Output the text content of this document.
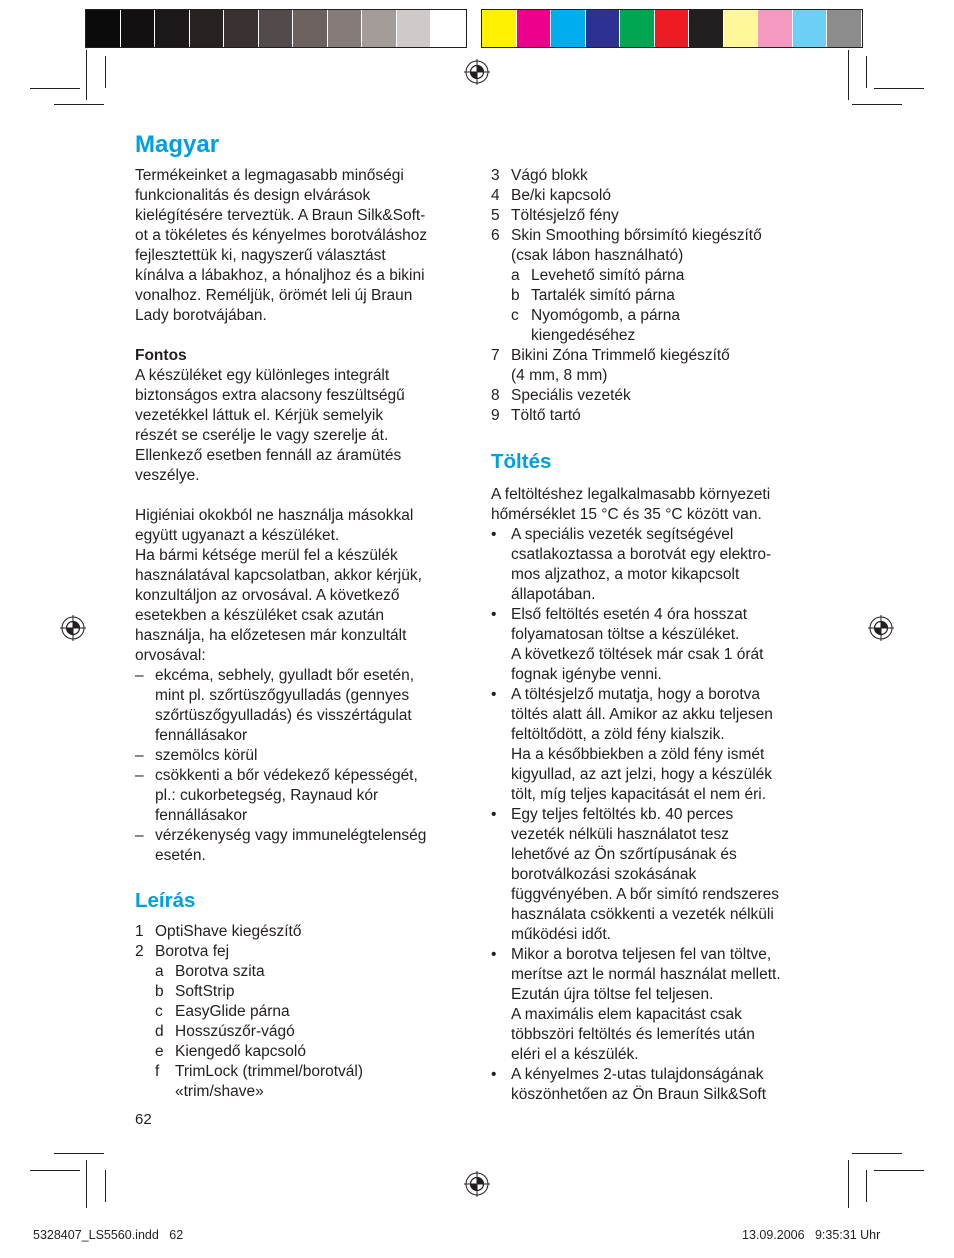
Magyar

Termékeinket a legmagasabb minőségi

funkcionalitás és design elvárások

kielégítésére terveztük. A Braun Silk&Soft-

ot a tökéletes és kényelmes borotváláshoz

fejlesztettük ki, nagyszerű választást

kínálva a lábakhoz, a hónaljhoz és a bikini

vonalhoz. Reméljük, örömét leli új Braun

Lady borotvájában.

Fontos

A készüléket egy különleges integrált

biztonságos extra alacsony feszültségű

vezetékkel láttuk el. Kérjük semelyik

részét se cserélje le vagy szerelje át.

Ellenkező esetben fennáll az áramütés

veszélye.

Higiéniai okokból ne használja másokkal

együtt ugyanazt a készüléket.

Ha bármi kétsége merül fel a készülék

használatával kapcsolatban, akkor kérjük,

konzultáljon az orvosával. A következő

esetekben a készüléket csak azután

használja, ha előzetesen már konzultált

orvosával:

– ekcéma, sebhely, gyulladt bőr esetén,

mint pl. szőrtüszőgyulladás (gennyes

szőrtüszőgyulladás) és visszértágulat

fennállásakor

– szemölcs körül

– csökkenti a bőr védekező képességét,

pl.: cukorbetegség, Raynaud kór

fennállásakor

– vérzékenység vagy immunelégtelenség

esetén.

Leírás
1 OptiShave kiegészítő

2 Borotva fej

a Borotva szita

b SoftStrip

c EasyGlide párna

d Hosszúszőr-vágó

e Kiengedő kapcsoló

f	TrimLock (trimmel/borotvál)

«trim/shave»

62
3 Vágó blokk

4 Be/ki kapcsoló

5 Töltésjelző fény

6 Skin Smoothing bőrsimító kiegészítő

(csak lábon használható)

a Levehető simító párna

b Tartalék simító párna

c Nyomógomb, a párna

kiengedéséhez

7 Bikini Zóna Trimmelő kiegészítő

(4 mm, 8 mm)

8 Speciális vezeték

9 Töltő tartó

Töltés

A feltöltéshez legalkalmasabb környezeti

hőmérséklet 15 °C és 35 °C között van.

• A speciális vezeték segítségével

csatlakoztassa a borotvát egy elektro-

mos aljzathoz, a motor kikapcsolt

állapotában.

• Első feltöltés esetén 4 óra hosszat

folyamatosan töltse a készüléket.

A következő töltések már csak 1 órát

fognak igénybe venni.

• A töltésjelző mutatja, hogy a borotva

töltés alatt áll. Amikor az akku teljesen

feltöltődött, a zöld fény kialszik.

Ha a későbbiekben a zöld fény ismét

kigyullad, az azt jelzi, hogy a készülék

tölt, míg teljes kapacitását el nem éri.

• Egy teljes feltöltés kb. 40 perces

vezeték nélküli használatot tesz

lehetővé az Ön szőrtípusának és

borotválkozási szokásának

függvényében. A bőr simító rendszeres

használata csökkenti a vezeték nélküli

működési időt.

• Mikor a borotva teljesen fel van töltve,

merítse azt le normál használat mellett.

Ezután újra töltse fel teljesen.

A maximális elem kapacitást csak

többszöri feltöltés és lemerítés után

eléri el a készülék.

• A kényelmes 2-utas tulajdonságának

köszönhetően az Ön Braun Silk&Soft

5328407_LS5560.indd   62	13.09.2006   9:35:31 Uhr
